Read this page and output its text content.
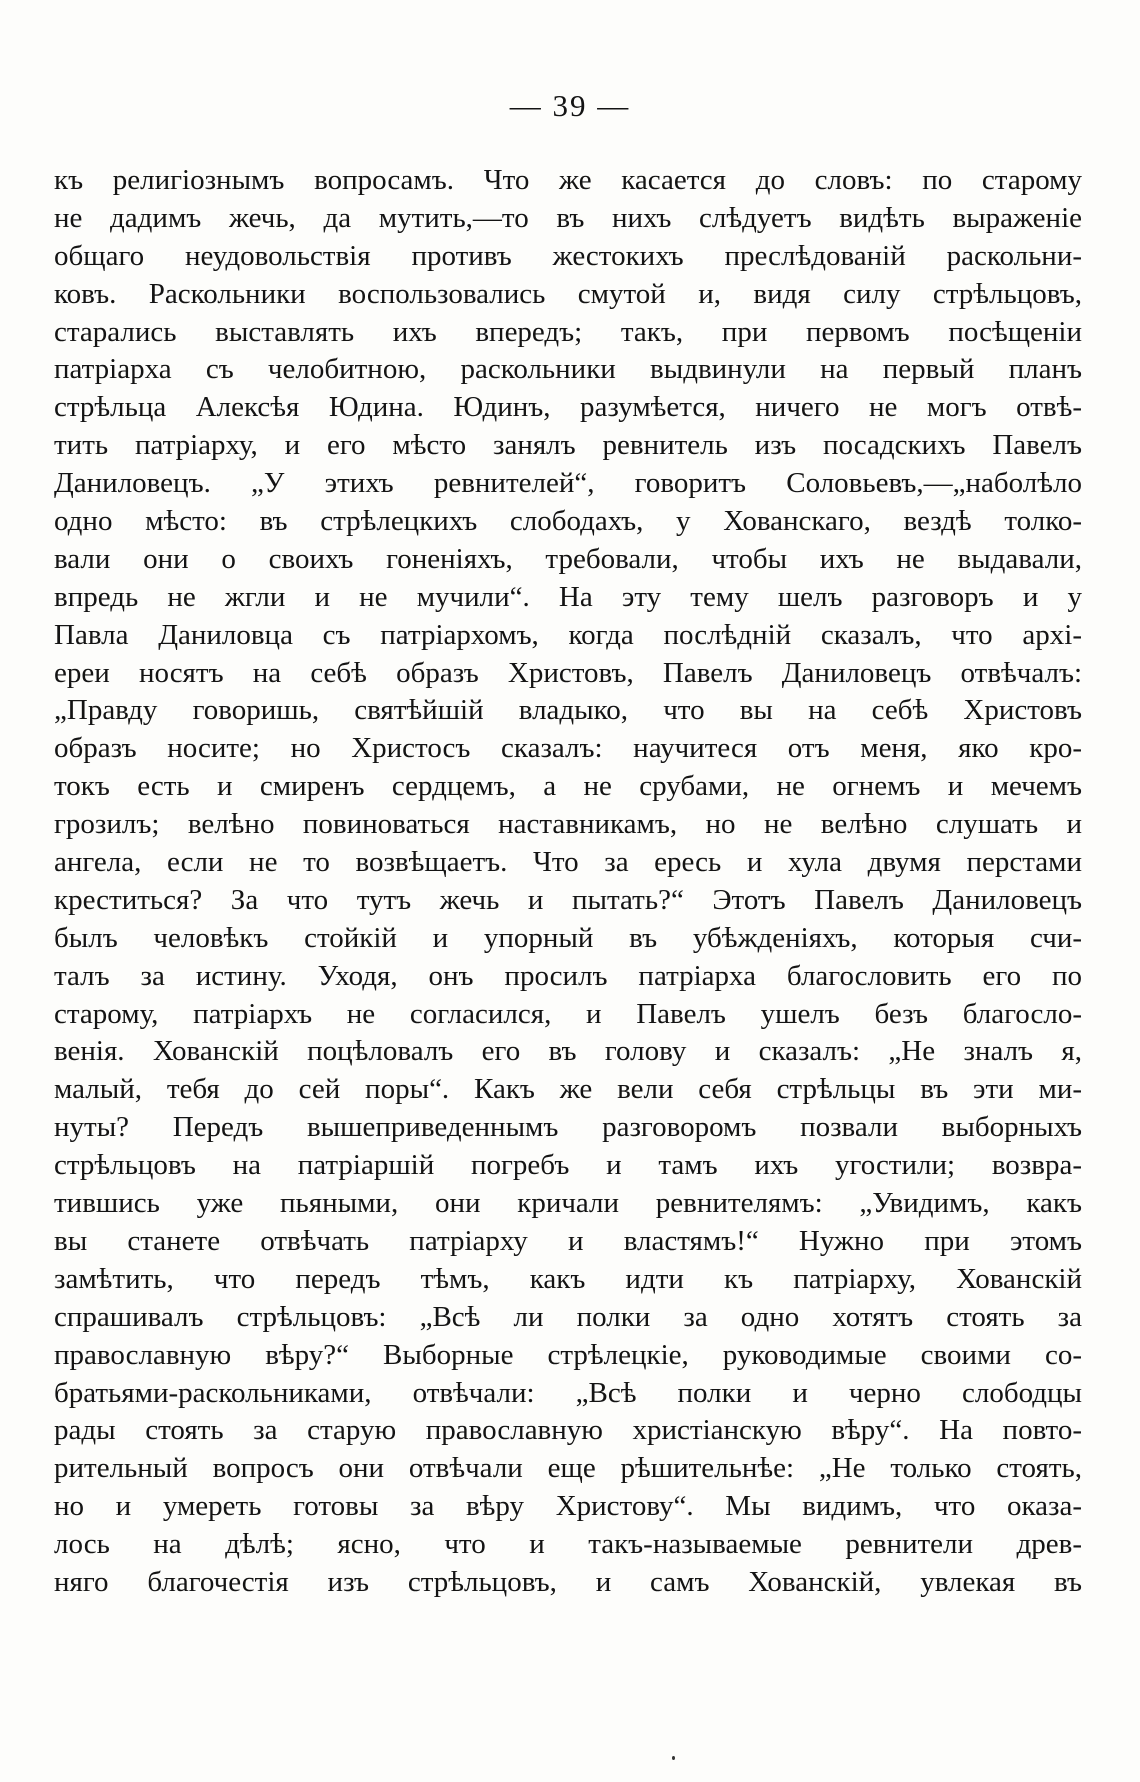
— 39 —
къ религіознымъ вопросамъ. Что же касается до словъ: по старому
не дадимъ жечь, да мутить,—то въ нихъ слѣдуетъ видѣть выраженіе
общаго неудовольствія противъ жестокихъ преслѣдованій раскольни-
ковъ. Раскольники воспользовались смутой и, видя силу стрѣльцовъ,
старались выставлять ихъ впередъ; такъ, при первомъ посѣщеніи
патріарха съ челобитною, раскольники выдвинули на первый планъ
стрѣльца Алексѣя Юдина. Юдинъ, разумѣется, ничего не могъ отвѣ-
тить патріарху, и его мѣсто занялъ ревнитель изъ посадскихъ Павелъ
Даниловецъ. „У этихъ ревнителей“, говоритъ Соловьевъ,—„наболѣло
одно мѣсто: въ стрѣлецкихъ слободахъ, у Хованскаго, вездѣ толко-
вали они о своихъ гоненіяхъ, требовали, чтобы ихъ не выдавали,
впредь не жгли и не мучили“. На эту тему шелъ разговоръ и у
Павла Даниловца съ патріархомъ, когда послѣдній сказалъ, что архі-
ереи носятъ на себѣ образъ Христовъ, Павелъ Даниловецъ отвѣчалъ:
„Правду говоришь, святѣйшій владыко, что вы на себѣ Христовъ
образъ носите; но Христосъ сказалъ: научитеся отъ меня, яко кро-
токъ есть и смиренъ сердцемъ, а не срубами, не огнемъ и мечемъ
грозилъ; велѣно повиноваться наставникамъ, но не велѣно слушать и
ангела, если не то возвѣщаетъ. Что за ересь и хула двумя перстами
креститься? За что тутъ жечь и пытать?“ Этотъ Павелъ Даниловецъ
былъ человѣкъ стойкій и упорный въ убѣжденіяхъ, которыя счи-
талъ за истину. Уходя, онъ просилъ патріарха благословить его по
старому, патріархъ не согласился, и Павелъ ушелъ безъ благосло-
венія. Хованскій поцѣловалъ его въ голову и сказалъ: „Не зналъ я,
малый, тебя до сей поры“. Какъ же вели себя стрѣльцы въ эти ми-
нуты? Передъ вышеприведеннымъ разговоромъ позвали выборныхъ
стрѣльцовъ на патріаршій погребъ и тамъ ихъ угостили; возвра-
тившись уже пьяными, они кричали ревнителямъ: „Увидимъ, какъ
вы станете отвѣчать патріарху и властямъ!“ Нужно при этомъ
замѣтить, что передъ тѣмъ, какъ идти къ патріарху, Хованскій
спрашивалъ стрѣльцовъ: „Всѣ ли полки за одно хотятъ стоять за
православную вѣру?“ Выборные стрѣлецкіе, руководимые своими со-
братьями-раскольниками, отвѣчали: „Всѣ полки и черно слободцы
рады стоять за старую православную христіанскую вѣру“. На повто-
рительный вопросъ они отвѣчали еще рѣшительнѣе: „Не только стоять,
но и умереть готовы за вѣру Христову“. Мы видимъ, что оказа-
лось на дѣлѣ; ясно, что и такъ-называемые ревнители древ-
няго благочестія изъ стрѣльцовъ, и самъ Хованскій, увлекая въ
